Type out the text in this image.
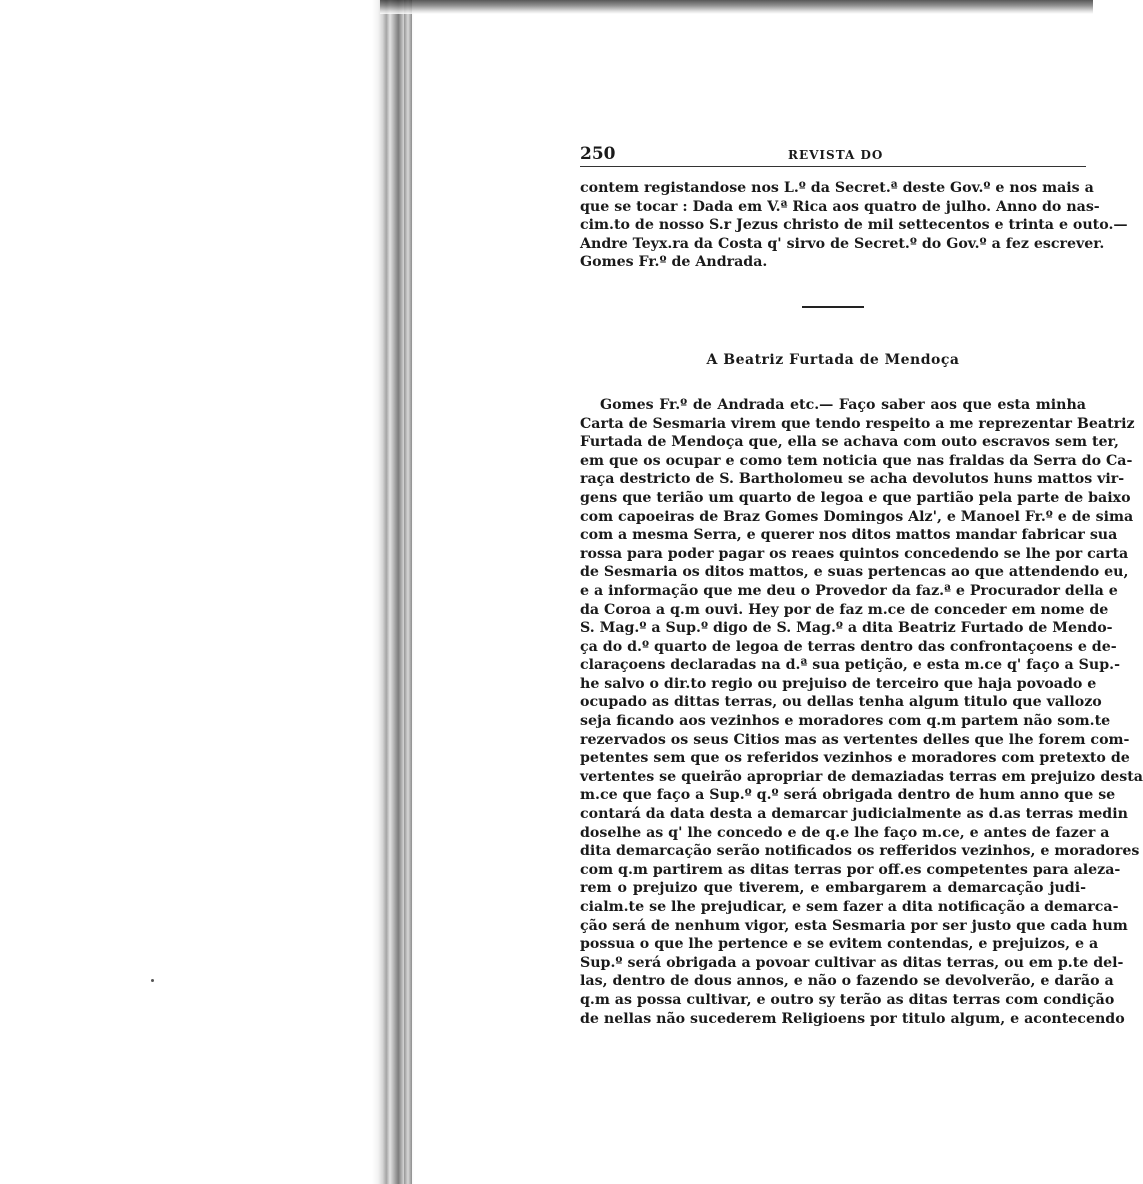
250	REVISTA DO
contem registandose nos L.º da Secret.ª deste Gov.º e nos mais a
que se tocar : Dada em V.ª Rica aos quatro de julho. Anno do nas-
cim.to de nosso S.r Jezus christo de mil settecentos e trinta e outo.—
Andre Teyx.ra da Costa q' sirvo de Secret.º do Gov.º a fez escrever.
Gomes Fr.º de Andrada.
A Beatriz Furtada de Mendoça
Gomes Fr.º de Andrada etc.— Faço saber aos que esta minha
Carta de Sesmaria virem que tendo respeito a me reprezentar Beatriz
Furtada de Mendoça que, ella se achava com outo escravos sem ter,
em que os ocupar e como tem noticia que nas fraldas da Serra do Ca-
raça destricto de S. Bartholomeu se acha devolutos huns mattos vir-
gens que terião um quarto de legoa e que partião pela parte de baixo
com capoeiras de Braz Gomes Domingos Alz', e Manoel Fr.º e de sima
com a mesma Serra, e querer nos ditos mattos mandar fabricar sua
rossa para poder pagar os reaes quintos concedendo se lhe por carta
de Sesmaria os ditos mattos, e suas pertencas ao que attendendo eu,
e a informação que me deu o Provedor da faz.ª e Procurador della e
da Coroa a q.m ouvi. Hey por de faz m.ce de conceder em nome de
S. Mag.º a Sup.º digo de S. Mag.º a dita Beatriz Furtado de Mendo-
ça do d.º quarto de legoa de terras dentro das confrontaçoens e de-
claraçoens declaradas na d.ª sua petição, e esta m.ce q' faço a Sup.-
he salvo o dir.to regio ou prejuiso de terceiro que haja povoado e
ocupado as dittas terras, ou dellas tenha algum titulo que vallozo
seja ficando aos vezinhos e moradores com q.m partem não som.te
rezervados os seus Citios mas as vertentes delles que lhe forem com-
petentes sem que os referidos vezinhos e moradores com pretexto de
vertentes se queirão apropriar de demaziadas terras em prejuizo desta
m.ce que faço a Sup.º q.º será obrigada dentro de hum anno que se
contará da data desta a demarcar judicialmente as d.as terras medin
doselhe as q' lhe concedo e de q.e lhe faço m.ce, e antes de fazer a
dita demarcação serão notificados os refferidos vezinhos, e moradores
com q.m partirem as ditas terras por off.es competentes para aleza-
rem o prejuizo que tiverem, e embargarem a demarcação judi-
cialm.te se lhe prejudicar, e sem fazer a dita notificação a demarca-
ção será de nenhum vigor, esta Sesmaria por ser justo que cada hum
possua o que lhe pertence e se evitem contendas, e prejuizos, e a
Sup.º será obrigada a povoar cultivar as ditas terras, ou em p.te del-
las, dentro de dous annos, e não o fazendo se devolverão, e darão a
q.m as possa cultivar, e outro sy terão as ditas terras com condição
de nellas não sucederem Religioens por titulo algum, e acontecendo
